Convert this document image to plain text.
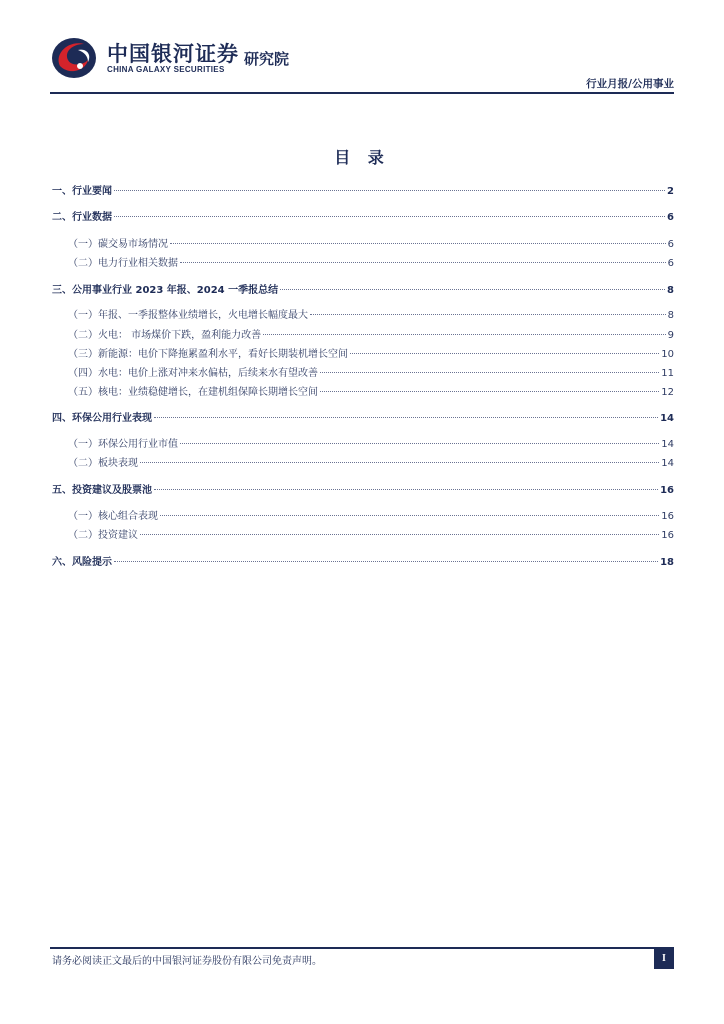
中国银河证券
CHINA GALAXY SECURITIES
研究院
行业月报/公用事业
目 录
一、行业要闻	2
二、行业数据	6
（一）碳交易市场情况	6
（二）电力行业相关数据	6
三、公用事业行业 2023 年报、2024 一季报总结	8
（一）年报、一季报整体业绩增长，火电增长幅度最大	8
（二）火电： 市场煤价下跌，盈利能力改善	9
（三）新能源：电价下降拖累盈利水平，看好长期装机增长空间	10
（四）水电：电价上涨对冲来水偏枯，后续来水有望改善	11
（五）核电：业绩稳健增长，在建机组保障长期增长空间	12
四、环保公用行业表现	14
（一）环保公用行业市值	14
（二）板块表现	14
五、投资建议及股票池	16
（一）核心组合表现	16
（二）投资建议	16
六、风险提示	18
请务必阅读正文最后的中国银河证券股份有限公司免责声明。	I
